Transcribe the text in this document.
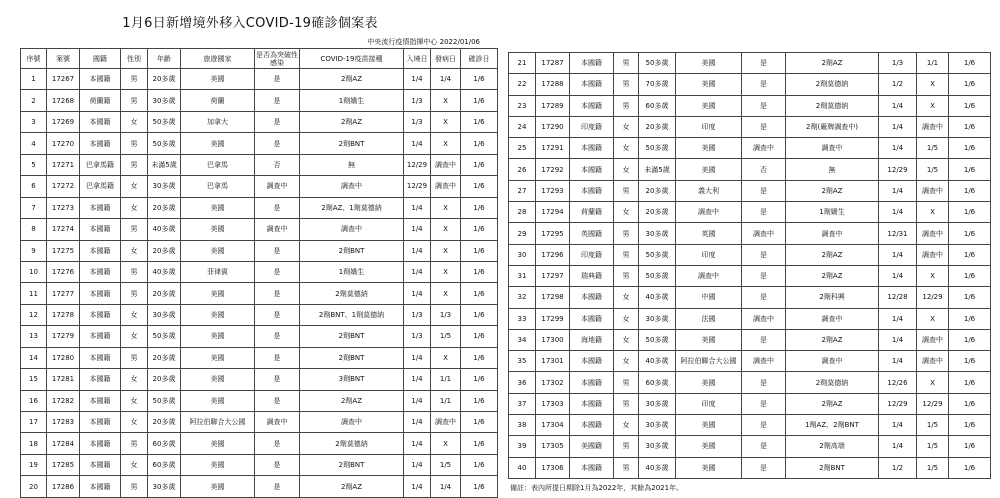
1月6日新增境外移入COVID-19確診個案表
中央流行疫情指揮中心 2022/01/06
序號	案號	國籍	性別	年齡	旅遊國家	是否為突破性感染	COVID-19疫苗接種	入境日	發病日	確診日
1	17267	本國籍	男	20多歲	美國	是	2劑AZ	1/4	1/4	1/6
2	17268	荷蘭籍	男	30多歲	荷蘭	是	1劑嬌生	1/3	X	1/6
3	17269	本國籍	女	50多歲	加拿大	是	2劑AZ	1/3	X	1/6
4	17270	本國籍	男	50多歲	美國	是	2劑BNT	1/4	X	1/6
5	17271	巴拿馬籍	男	未滿5歲	巴拿馬	否	無	12/29	調查中	1/6
6	17272	巴拿馬籍	女	30多歲	巴拿馬	調查中	調查中	12/29	調查中	1/6
7	17273	本國籍	女	20多歲	美國	是	2劑AZ、1劑莫德納	1/4	X	1/6
8	17274	本國籍	男	40多歲	美國	調查中	調查中	1/4	X	1/6
9	17275	本國籍	女	20多歲	美國	是	2劑BNT	1/4	X	1/6
10	17276	本國籍	男	40多歲	菲律賓	是	1劑嬌生	1/4	X	1/6
11	17277	本國籍	男	20多歲	美國	是	2劑莫德納	1/4	X	1/6
12	17278	本國籍	女	30多歲	美國	是	2劑BNT、1劑莫德納	1/3	1/3	1/6
13	17279	本國籍	女	50多歲	美國	是	2劑BNT	1/3	1/5	1/6
14	17280	本國籍	男	20多歲	美國	是	2劑BNT	1/4	X	1/6
15	17281	本國籍	女	20多歲	美國	是	3劑BNT	1/4	1/1	1/6
16	17282	本國籍	女	50多歲	美國	是	2劑AZ	1/4	1/1	1/6
17	17283	本國籍	女	20多歲	阿拉伯聯合大公國	調查中	調查中	1/4	調查中	1/6
18	17284	本國籍	男	60多歲	美國	是	2劑莫德納	1/4	X	1/6
19	17285	本國籍	女	60多歲	美國	是	2劑BNT	1/4	1/5	1/6
20	17286	本國籍	男	30多歲	美國	是	2劑AZ	1/4	1/4	1/6
21	17287	本國籍	男	50多歲	美國	是	2劑AZ	1/3	1/1	1/6
22	17288	本國籍	男	70多歲	美國	是	2劑莫德納	1/2	X	1/6
23	17289	本國籍	男	60多歲	美國	是	2劑莫德納	1/4	X	1/6
24	17290	印度籍	女	20多歲	印度	是	2劑(廠牌調查中)	1/4	調查中	1/6
25	17291	本國籍	女	50多歲	美國	調查中	調查中	1/4	1/5	1/6
26	17292	本國籍	女	未滿5歲	美國	否	無	12/29	1/5	1/6
27	17293	本國籍	男	20多歲	義大利	是	2劑AZ	1/4	調查中	1/6
28	17294	荷蘭籍	女	20多歲	調查中	是	1劑嬌生	1/4	X	1/6
29	17295	英國籍	男	30多歲	英國	調查中	調查中	12/31	調查中	1/6
30	17296	印度籍	男	50多歲	印度	是	2劑AZ	1/4	調查中	1/6
31	17297	瑞典籍	男	50多歲	調查中	是	2劑AZ	1/4	X	1/6
32	17298	本國籍	女	40多歲	中國	是	2劑科興	12/28	12/29	1/6
33	17299	本國籍	女	30多歲	法國	調查中	調查中	1/4	X	1/6
34	17300	海地籍	女	50多歲	美國	是	2劑AZ	1/4	調查中	1/6
35	17301	本國籍	女	40多歲	阿拉伯聯合大公國	調查中	調查中	1/4	調查中	1/6
36	17302	本國籍	男	60多歲	美國	是	2劑莫德納	12/26	X	1/6
37	17303	本國籍	男	30多歲	印度	是	2劑AZ	12/29	12/29	1/6
38	17304	本國籍	女	30多歲	美國	是	1劑AZ、2劑BNT	1/4	1/5	1/6
39	17305	美國籍	男	30多歲	美國	是	2劑高端	1/4	1/5	1/6
40	17306	本國籍	男	40多歲	美國	是	2劑BNT	1/2	1/5	1/6
備註：表內所提日期除1月為2022年，其餘為2021年。
